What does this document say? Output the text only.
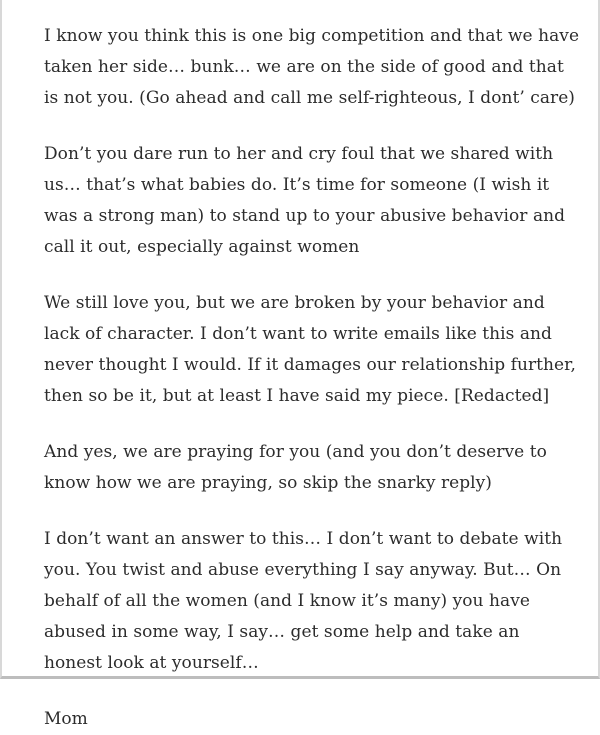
I know you think this is one big competition and that we have taken her side… bunk… we are on the side of good and that is not you. (Go ahead and call me self-righteous, I dont’ care)

Don’t you dare run to her and cry foul that we shared with us… that’s what babies do. It’s time for someone (I wish it was a strong man) to stand up to your abusive behavior and call it out, especially against women

We still love you, but we are broken by your behavior and lack of character. I don’t want to write emails like this and never thought I would. If it damages our relationship further, then so be it, but at least I have said my piece. [Redacted]

And yes, we are praying for you (and you don’t deserve to know how we are praying, so skip the snarky reply)

I don’t want an answer to this… I don’t want to debate with you. You twist and abuse everything I say anyway. But… On behalf of all the women (and I know it’s many) you have abused in some way, I say… get some help and take an honest look at yourself…

Mom
